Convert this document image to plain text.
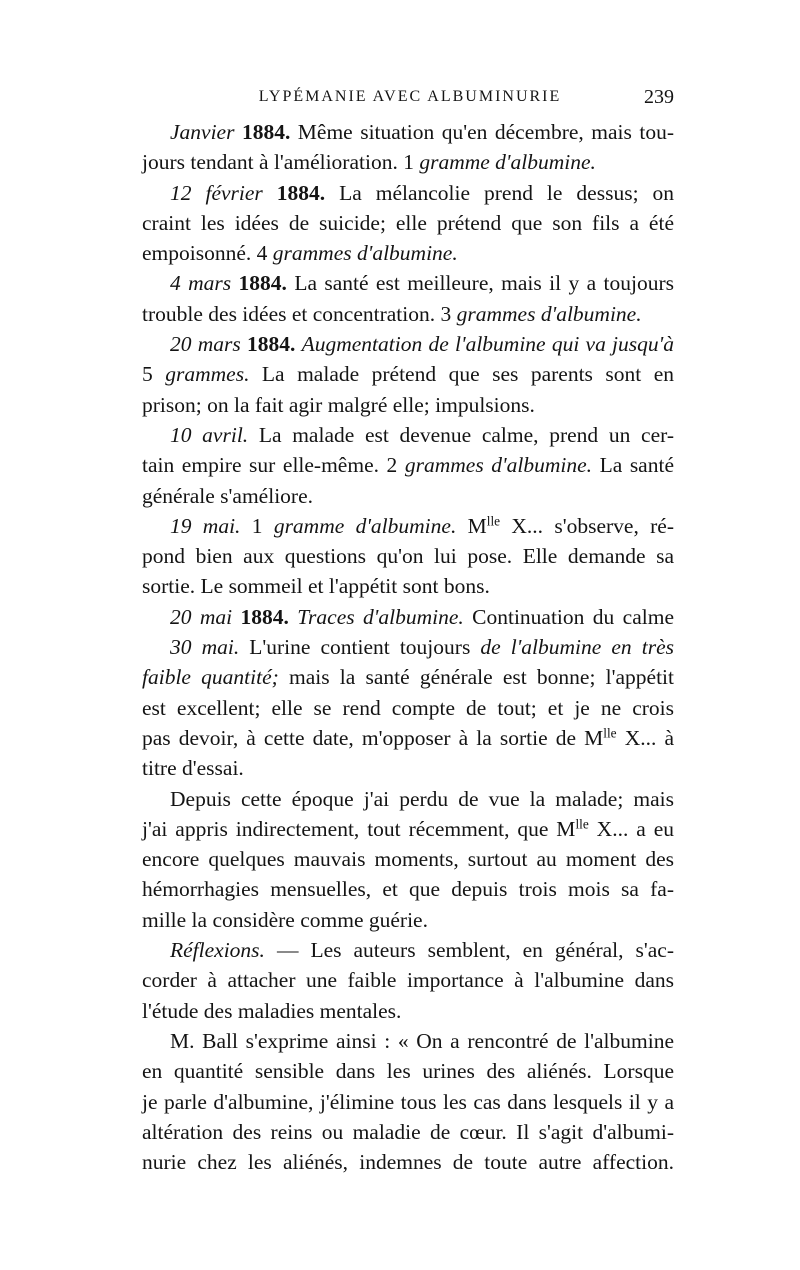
LYPÉMANIE AVEC ALBUMINURIE	239
Janvier 1884. Même situation qu'en décembre, mais tou-
jours tendant à l'amélioration. 1 gramme d'albumine.
12 février 1884. La mélancolie prend le dessus; on
craint les idées de suicide; elle prétend que son fils a été
empoisonné. 4 grammes d'albumine.
4 mars 1884. La santé est meilleure, mais il y a toujours
trouble des idées et concentration. 3 grammes d'albumine.
20 mars 1884. Augmentation de l'albumine qui va jusqu'à
5 grammes. La malade prétend que ses parents sont en
prison; on la fait agir malgré elle; impulsions.
10 avril. La malade est devenue calme, prend un cer-
tain empire sur elle-même. 2 grammes d'albumine. La santé
générale s'améliore.
19 mai. 1 gramme d'albumine. $M^{lle}$ X... s'observe, ré-
pond bien aux questions qu'on lui pose. Elle demande sa
sortie. Le sommeil et l'appétit sont bons.
20 mai 1884. Traces d'albumine. Continuation du calme
30 mai. L'urine contient toujours de l'albumine en très
faible quantité; mais la santé générale est bonne; l'appétit
est excellent; elle se rend compte de tout; et je ne crois
pas devoir, à cette date, m'opposer à la sortie de $M^{lle}$ X... à
titre d'essai.
Depuis cette époque j'ai perdu de vue la malade; mais
j'ai appris indirectement, tout récemment, que $M^{lle}$ X... a eu
encore quelques mauvais moments, surtout au moment des
hémorrhagies mensuelles, et que depuis trois mois sa fa-
mille la considère comme guérie.
Réflexions. — Les auteurs semblent, en général, s'ac-
corder à attacher une faible importance à l'albumine dans
l'étude des maladies mentales.
M. Ball s'exprime ainsi : « On a rencontré de l'albumine
en quantité sensible dans les urines des aliénés. Lorsque
je parle d'albumine, j'élimine tous les cas dans lesquels il y a
altération des reins ou maladie de cœur. Il s'agit d'albumi-
nurie chez les aliénés, indemnes de toute autre affection.
